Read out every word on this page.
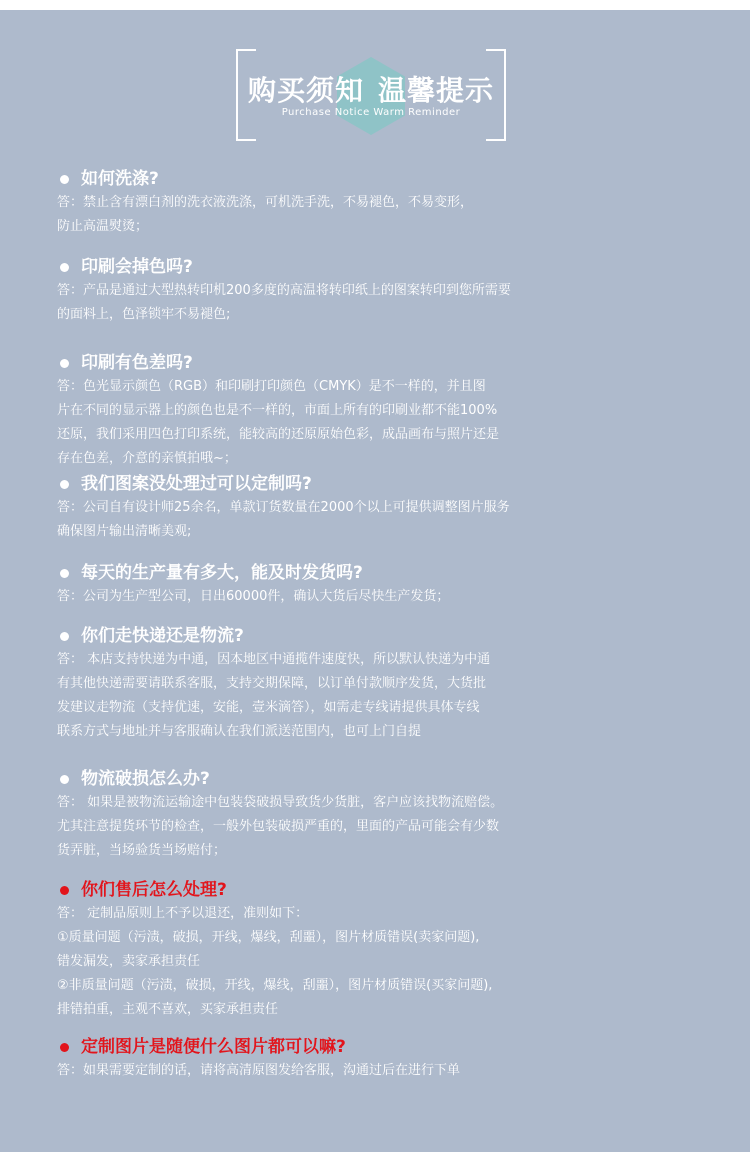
购买须知 温馨提示
Purchase Notice Warm Reminder
如何洗涤?
答：禁止含有漂白剂的洗衣液洗涤，可机洗手洗，不易褪色，不易变形，
防止高温熨烫；
印刷会掉色吗?
答：产品是通过大型热转印机200多度的高温将转印纸上的图案转印到您所需要
的面料上，色泽锁牢不易褪色;
印刷有色差吗?
答：色光显示颜色（RGB）和印刷打印颜色（CMYK）是不一样的，并且图
片在不同的显示器上的颜色也是不一样的，市面上所有的印刷业都不能100%
还原，我们采用四色打印系统，能较高的还原原始色彩，成品画布与照片还是
存在色差，介意的亲慎拍哦~；
我们图案没处理过可以定制吗?
答：公司自有设计师25余名，单款订货数量在2000个以上可提供调整图片服务
确保图片输出清晰美观;
每天的生产量有多大，能及时发货吗?
答：公司为生产型公司，日出60000件，确认大货后尽快生产发货；
你们走快递还是物流?
答： 本店支持快递为中通，因本地区中通揽件速度快，所以默认快递为中通
有其他快递需要请联系客服，支持交期保障，以订单付款顺序发货，大货批
发建议走物流（支持优速，安能，壹米滴答），如需走专线请提供具体专线
联系方式与地址并与客服确认在我们派送范围内，也可上门自提
物流破损怎么办?
答： 如果是被物流运输途中包装袋破损导致货少货脏，客户应该找物流赔偿。
尤其注意提货环节的检查，一般外包装破损严重的，里面的产品可能会有少数
货弄脏，当场验货当场赔付；
你们售后怎么处理?
答： 定制品原则上不予以退还，准则如下：
①质量问题（污渍，破损，开线，爆线，刮噩），图片材质错误(卖家问题),
错发漏发，卖家承担责任
②非质量问题（污渍，破损，开线，爆线，刮噩），图片材质错误(买家问题),
排错拍重，主观不喜欢，买家承担责任
定制图片是随便什么图片都可以嘛?
答：如果需要定制的话，请将高清原图发给客服，沟通过后在进行下单
